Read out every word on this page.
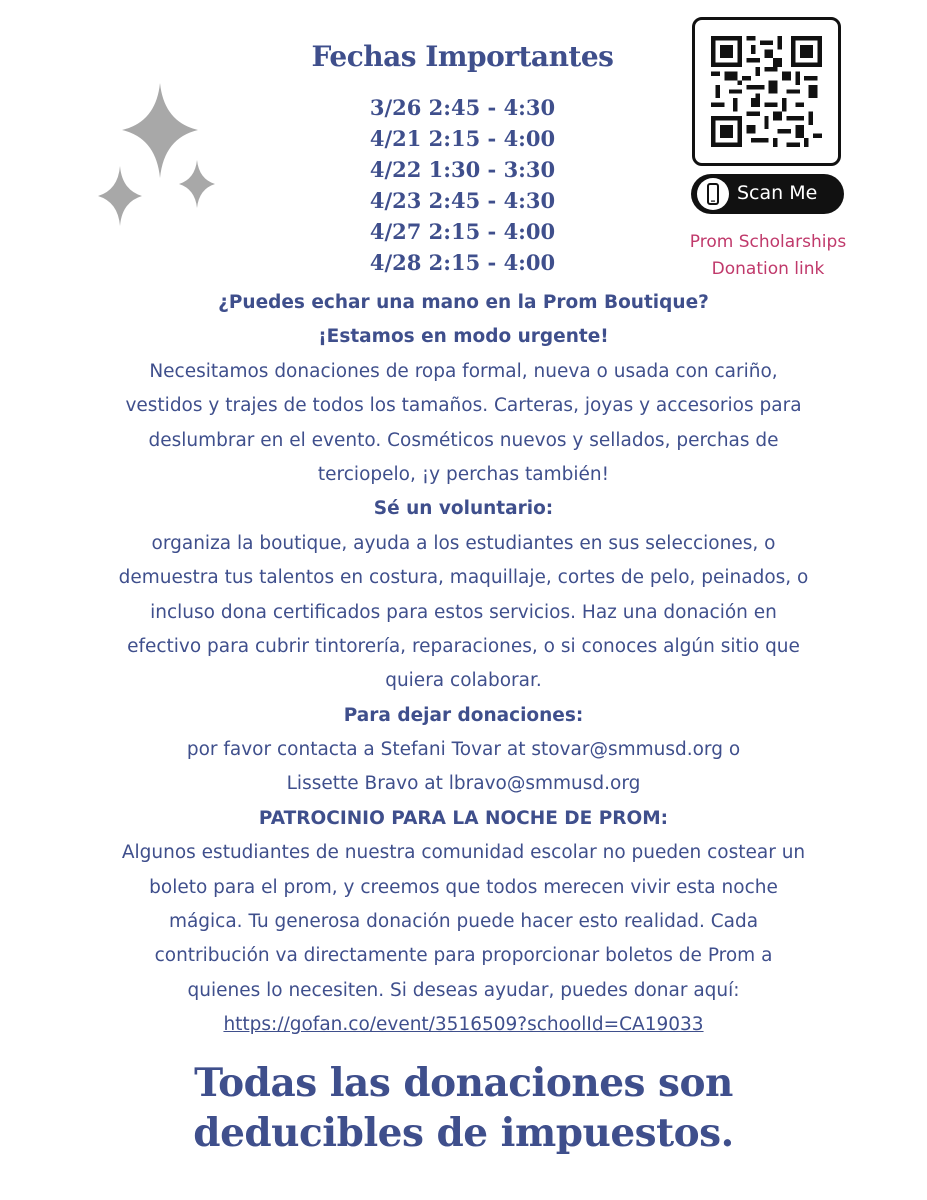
Fechas Importantes
3/26 2:45 - 4:30
4/21 2:15 - 4:00
4/22 1:30 - 3:30
4/23 2:45 - 4:30
4/27 2:15 - 4:00
4/28 2:15 - 4:00
Scan Me
Prom Scholarships
Donation link
¿Puedes echar una mano en la Prom Boutique?
¡Estamos en modo urgente!
Necesitamos donaciones de ropa formal, nueva o usada con cariño,
vestidos y trajes de todos los tamaños. Carteras, joyas y accesorios para
deslumbrar en el evento. Cosméticos nuevos y sellados, perchas de
terciopelo, ¡y perchas también!
Sé un voluntario:
organiza la boutique, ayuda a los estudiantes en sus selecciones, o
demuestra tus talentos en costura, maquillaje, cortes de pelo, peinados, o
incluso dona certificados para estos servicios. Haz una donación en
efectivo para cubrir tintorería, reparaciones, o si conoces algún sitio que
quiera colaborar.
Para dejar donaciones:
por favor contacta a Stefani Tovar at stovar@smmusd.org o
Lissette Bravo at lbravo@smmusd.org
PATROCINIO PARA LA NOCHE DE PROM:
Algunos estudiantes de nuestra comunidad escolar no pueden costear un
boleto para el prom, y creemos que todos merecen vivir esta noche
mágica. Tu generosa donación puede hacer esto realidad. Cada
contribución va directamente para proporcionar boletos de Prom a
quienes lo necesiten. Si deseas ayudar, puedes donar aquí:
https://gofan.co/event/3516509?schoolId=CA19033
Todas las donaciones son
deducibles de impuestos.
